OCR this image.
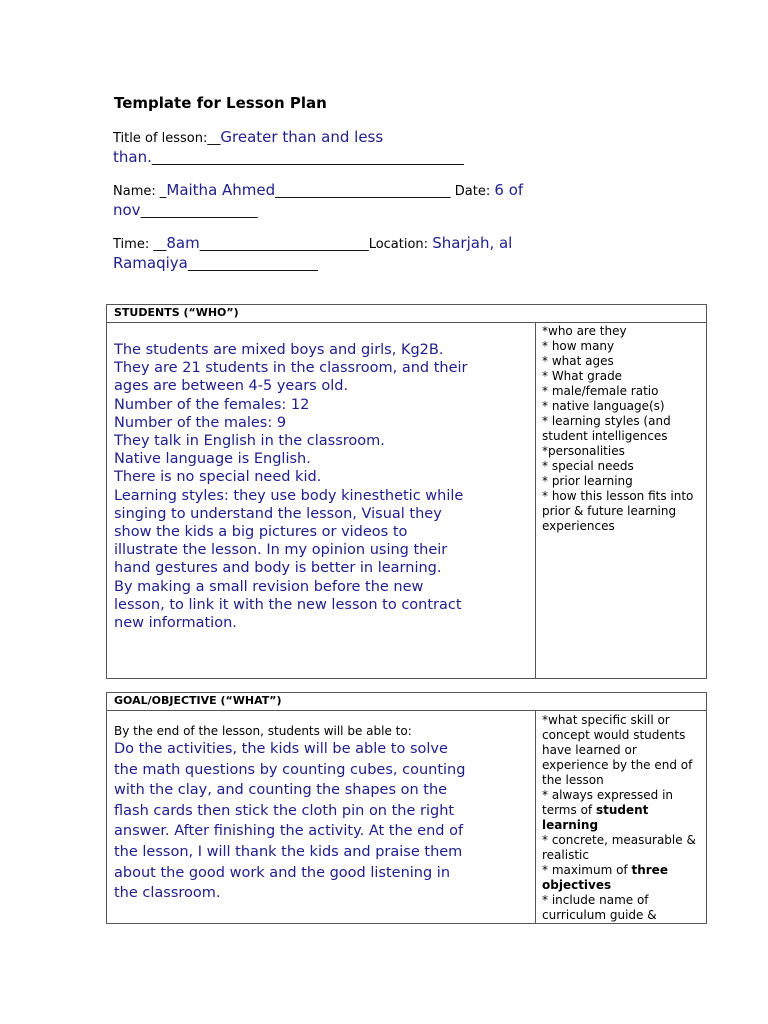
Template for Lesson Plan
Title of lesson:__Greater than and less than.________________________________________________
Name: _Maitha Ahmed___________________________ Date: 6 of nov__________________
Time: __8am__________________________Location: Sharjah, al Ramaqiya____________________
STUDENTS (“WHO”)

The students are mixed boys and girls, Kg2B.
They are 21 students in the classroom, and their
ages are between 4-5 years old.
Number of the females: 12
Number of the males: 9
They talk in English in the classroom.
Native language is English.
There is no special need kid.
Learning styles: they use body kinesthetic while
singing to understand the lesson, Visual they
show the kids a big pictures or videos to
illustrate the lesson. In my opinion using their
hand gestures and body is better in learning.
By making a small revision before the new
lesson, to link it with the new lesson to contract
new information.

*who are they
* how many
* what ages
* What grade
* male/female ratio
* native language(s)
* learning styles (and student intelligences
*personalities
* special needs
* prior learning
* how this lesson fits into prior & future learning experiences
GOAL/OBJECTIVE (“WHAT”)

By the end of the lesson, students will be able to:
Do the activities, the kids will be able to solve
the math questions by counting cubes, counting
with the clay, and counting the shapes on the
flash cards then stick the cloth pin on the right
answer. After finishing the activity. At the end of
the lesson, I will thank the kids and praise them
about the good work and the good listening in
the classroom.

*what specific skill or concept would students have learned or experience by the end of the lesson
* always expressed in terms of student learning
* concrete, measurable & realistic
* maximum of three objectives
* include name of curriculum guide &
